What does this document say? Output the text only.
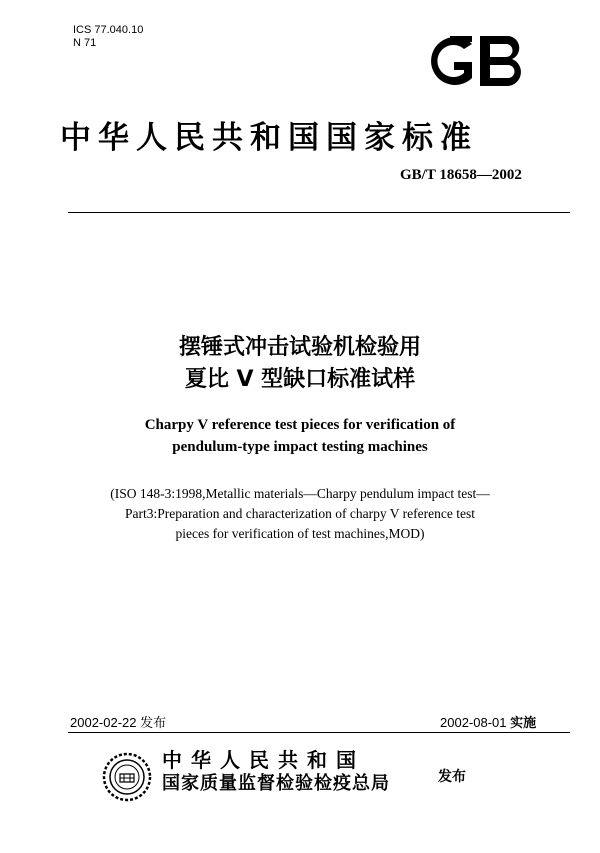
ICS 77.040.10
N 71
中华人民共和国国家标准
GB/T 18658—2002
摆锤式冲击试验机检验用
夏比 V 型缺口标准试样
Charpy V reference test pieces for verification of
pendulum-type impact testing machines
(ISO 148-3:1998,Metallic materials—Charpy pendulum impact test—
Part3:Preparation and characterization of charpy V reference test
pieces for verification of test machines,MOD)
2002-02-22 发布	2002-08-01 实施
中华人民共和国
国家质量监督检验检疫总局	发布
